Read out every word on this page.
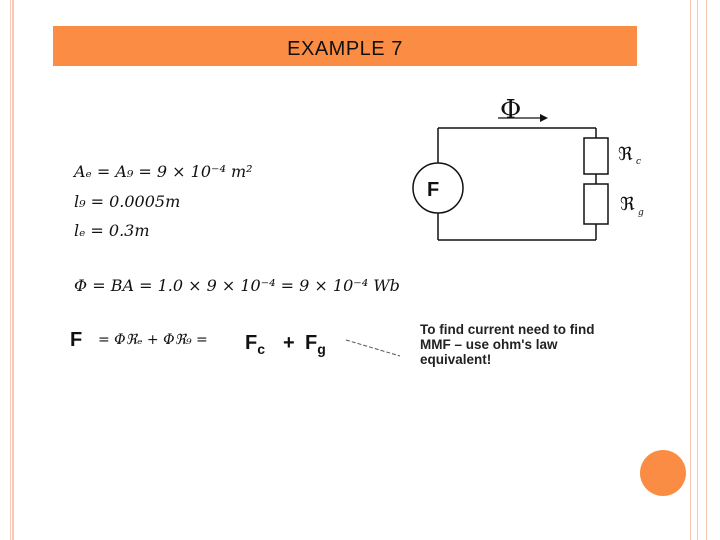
EXAMPLE 7
Aₑ = A₉ = 9 × 10⁻⁴ m²
l₉ = 0.0005m
lₑ = 0.3m
Φ = BA = 1.0 × 9 × 10⁻⁴ = 9 × 10⁻⁴ Wb
F = Φℜₑ + Φℜ₉ = $F_c + F_g$
To find current need to find MMF – use ohm's law equivalent!
Φ
F
ℜ c
ℜ g
